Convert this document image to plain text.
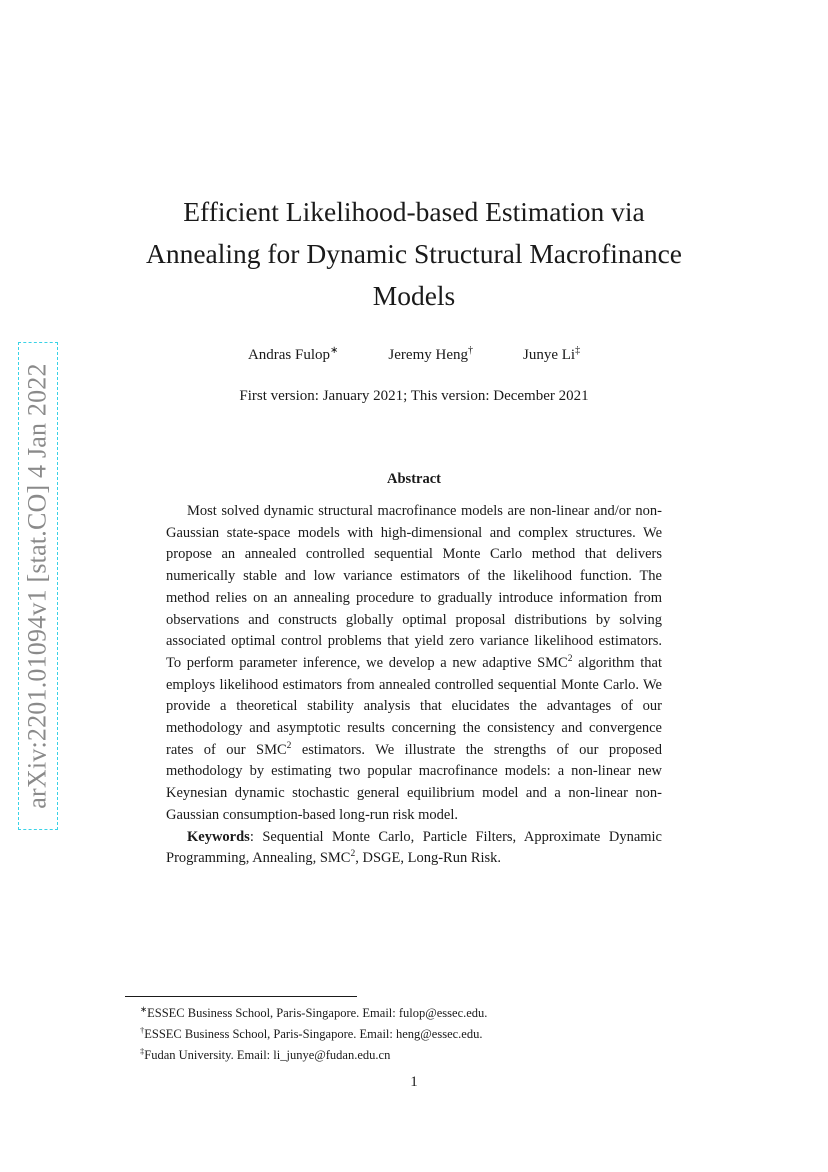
arXiv:2201.01094v1 [stat.CO] 4 Jan 2022
Efficient Likelihood-based Estimation via
Annealing for Dynamic Structural Macrofinance
Models
Andras Fulop∗	Jeremy Heng†	Junye Li‡
First version: January 2021; This version: December 2021
Abstract

Most solved dynamic structural macrofinance models are non-linear and/or non-Gaussian state-space models with high-dimensional and complex structures. We propose an annealed controlled sequential Monte Carlo method that delivers numerically stable and low variance estimators of the likelihood function. The method relies on an annealing procedure to gradually introduce information from observations and constructs globally optimal proposal distributions by solving associated optimal control problems that yield zero variance likelihood estimators. To perform parameter inference, we develop a new adaptive SMC$^2$ algorithm that employs likelihood estimators from annealed controlled sequential Monte Carlo. We provide a theoretical stability analysis that elucidates the advantages of our methodology and asymptotic results concerning the consistency and convergence rates of our SMC$^2$ estimators. We illustrate the strengths of our proposed methodology by estimating two popular macrofinance models: a non-linear new Keynesian dynamic stochastic general equilibrium model and a non-linear non-Gaussian consumption-based long-run risk model.

Keywords: Sequential Monte Carlo, Particle Filters, Approximate Dynamic Programming, Annealing, SMC$^2$, DSGE, Long-Run Risk.

∗ESSEC Business School, Paris-Singapore. Email: fulop@essec.edu.
†ESSEC Business School, Paris-Singapore. Email: heng@essec.edu.
‡Fudan University. Email: li_junye@fudan.edu.cn
1
